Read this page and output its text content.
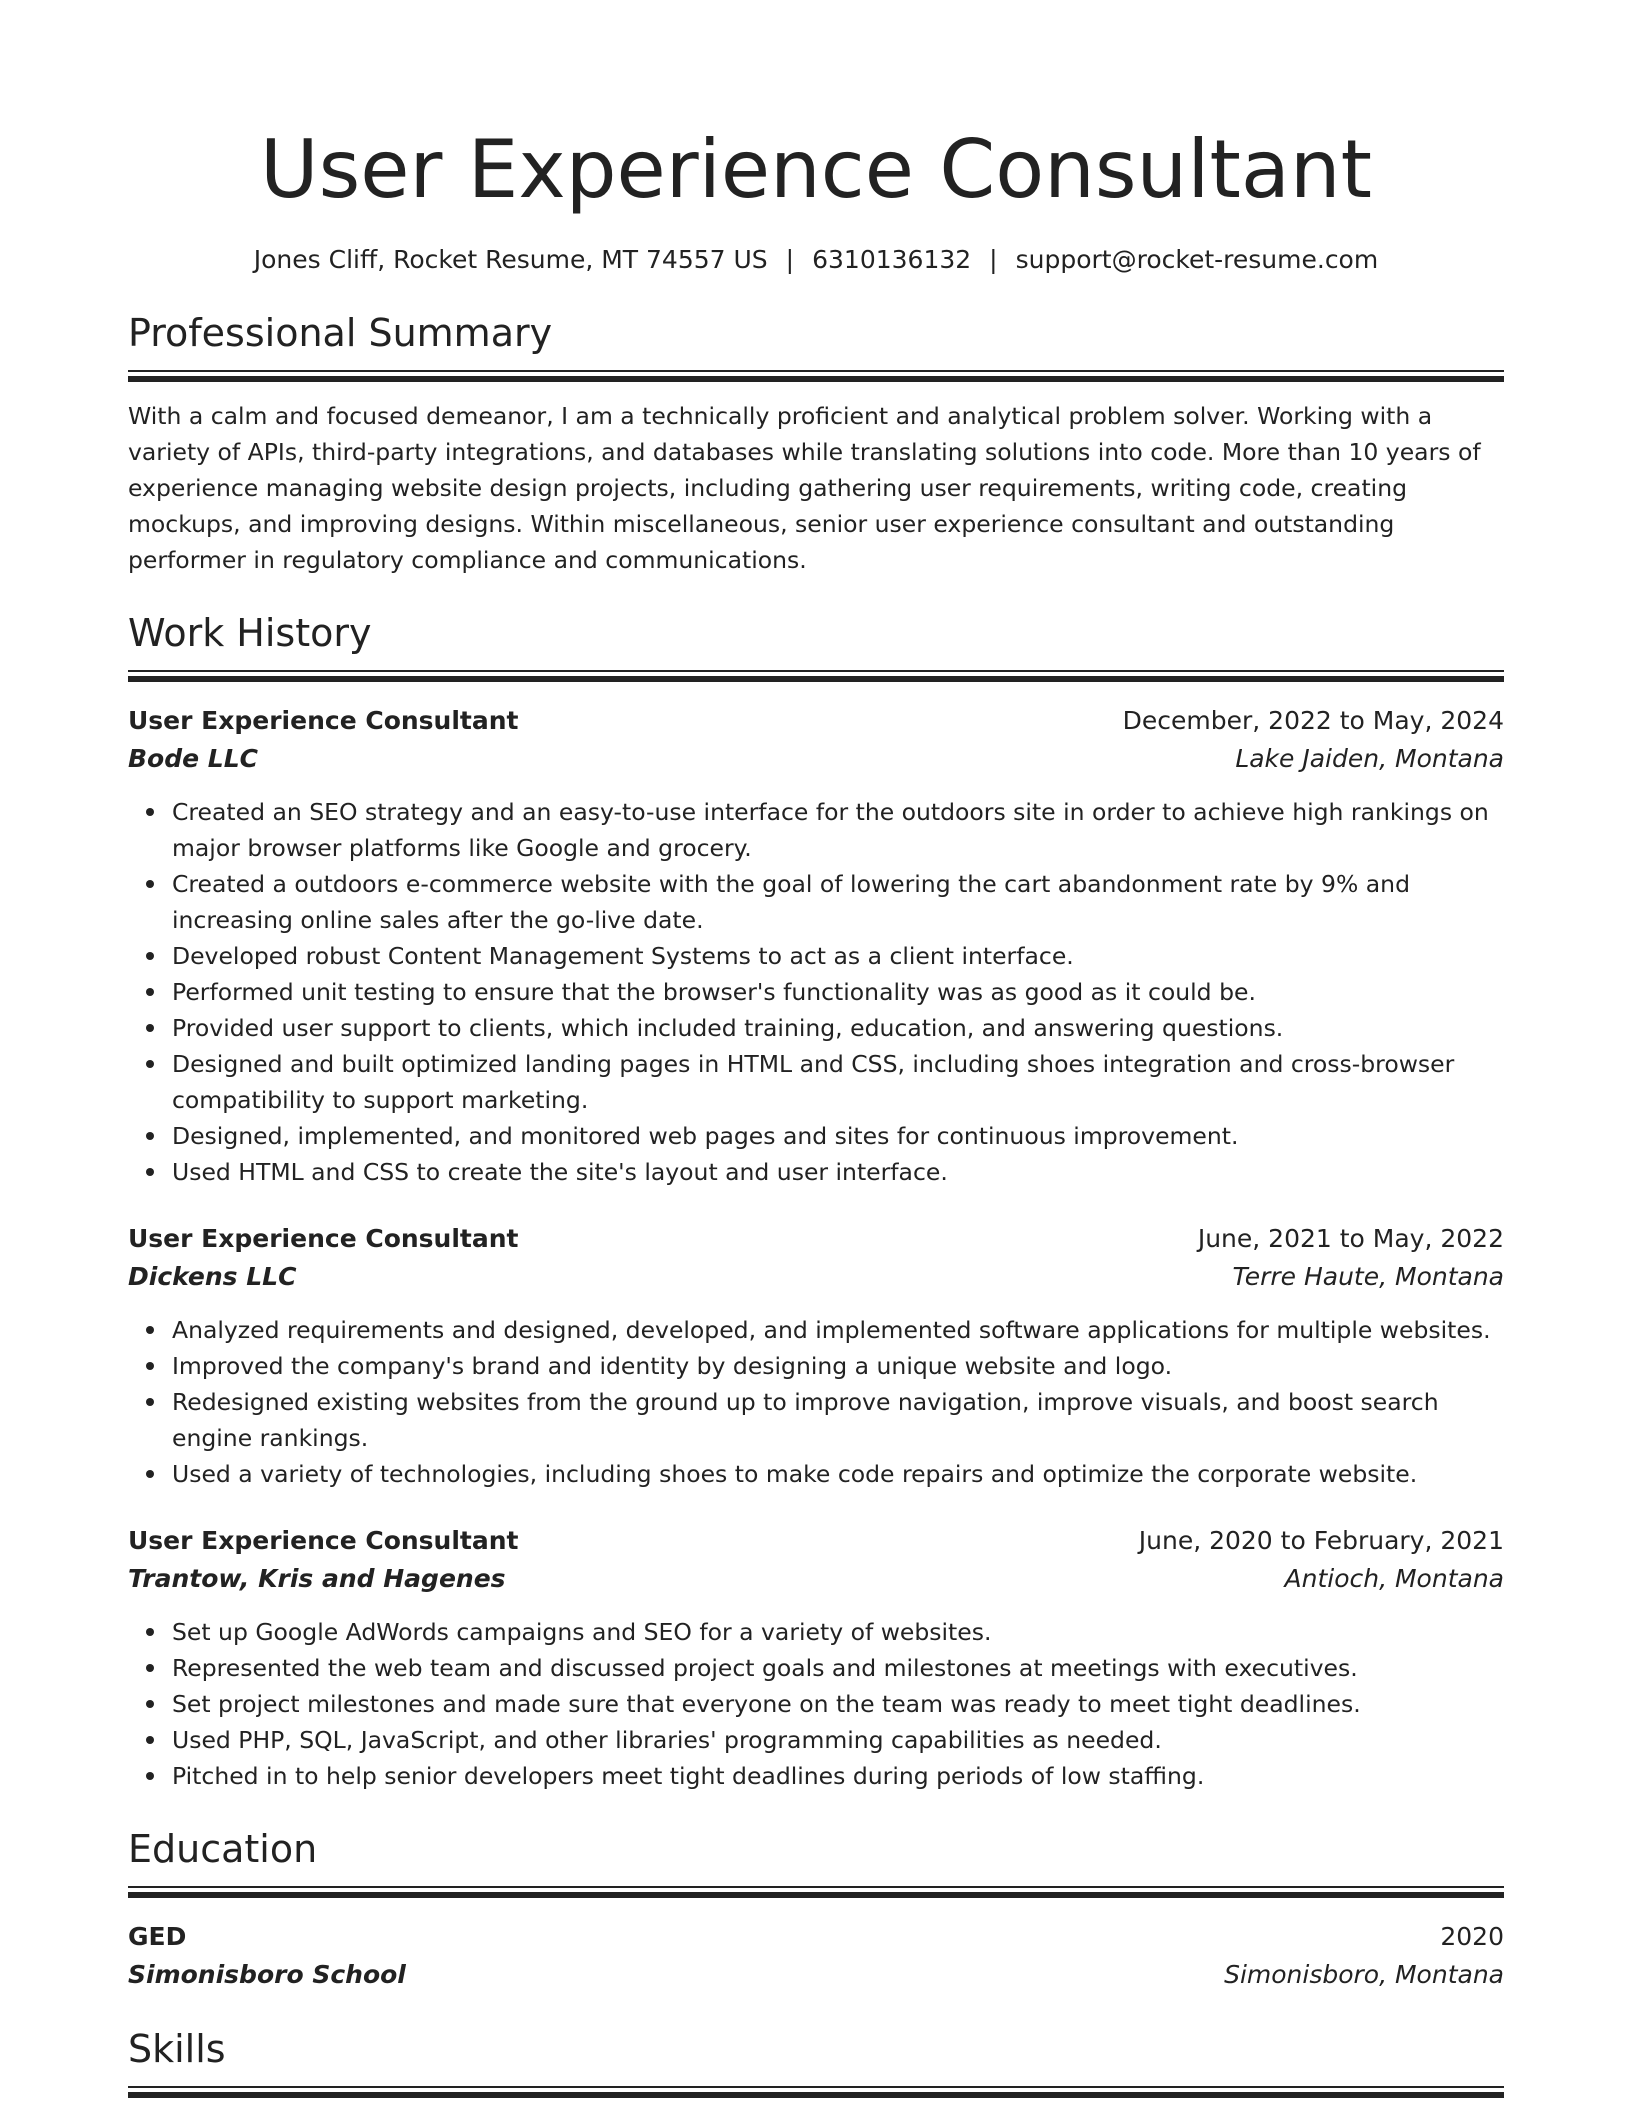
User Experience Consultant
Jones Cliff, Rocket Resume, MT 74557 US | 6310136132 | support@rocket-resume.com
Professional Summary
With a calm and focused demeanor, I am a technically proficient and analytical problem solver. Working with a variety of APIs, third-party integrations, and databases while translating solutions into code. More than 10 years of experience managing website design projects, including gathering user requirements, writing code, creating mockups, and improving designs. Within miscellaneous, senior user experience consultant and outstanding performer in regulatory compliance and communications.
Work History
User Experience Consultant	December, 2022 to May, 2024
Bode LLC	Lake Jaiden, Montana
Created an SEO strategy and an easy-to-use interface for the outdoors site in order to achieve high rankings on major browser platforms like Google and grocery.
Created a outdoors e-commerce website with the goal of lowering the cart abandonment rate by 9% and increasing online sales after the go-live date.
Developed robust Content Management Systems to act as a client interface.
Performed unit testing to ensure that the browser's functionality was as good as it could be.
Provided user support to clients, which included training, education, and answering questions.
Designed and built optimized landing pages in HTML and CSS, including shoes integration and cross-browser compatibility to support marketing.
Designed, implemented, and monitored web pages and sites for continuous improvement.
Used HTML and CSS to create the site's layout and user interface.
User Experience Consultant	June, 2021 to May, 2022
Dickens LLC	Terre Haute, Montana
Analyzed requirements and designed, developed, and implemented software applications for multiple websites.
Improved the company's brand and identity by designing a unique website and logo.
Redesigned existing websites from the ground up to improve navigation, improve visuals, and boost search engine rankings.
Used a variety of technologies, including shoes to make code repairs and optimize the corporate website.
User Experience Consultant	June, 2020 to February, 2021
Trantow, Kris and Hagenes	Antioch, Montana
Set up Google AdWords campaigns and SEO for a variety of websites.
Represented the web team and discussed project goals and milestones at meetings with executives.
Set project milestones and made sure that everyone on the team was ready to meet tight deadlines.
Used PHP, SQL, JavaScript, and other libraries' programming capabilities as needed.
Pitched in to help senior developers meet tight deadlines during periods of low staffing.
Education
GED	2020
Simonisboro School	Simonisboro, Montana
Skills
